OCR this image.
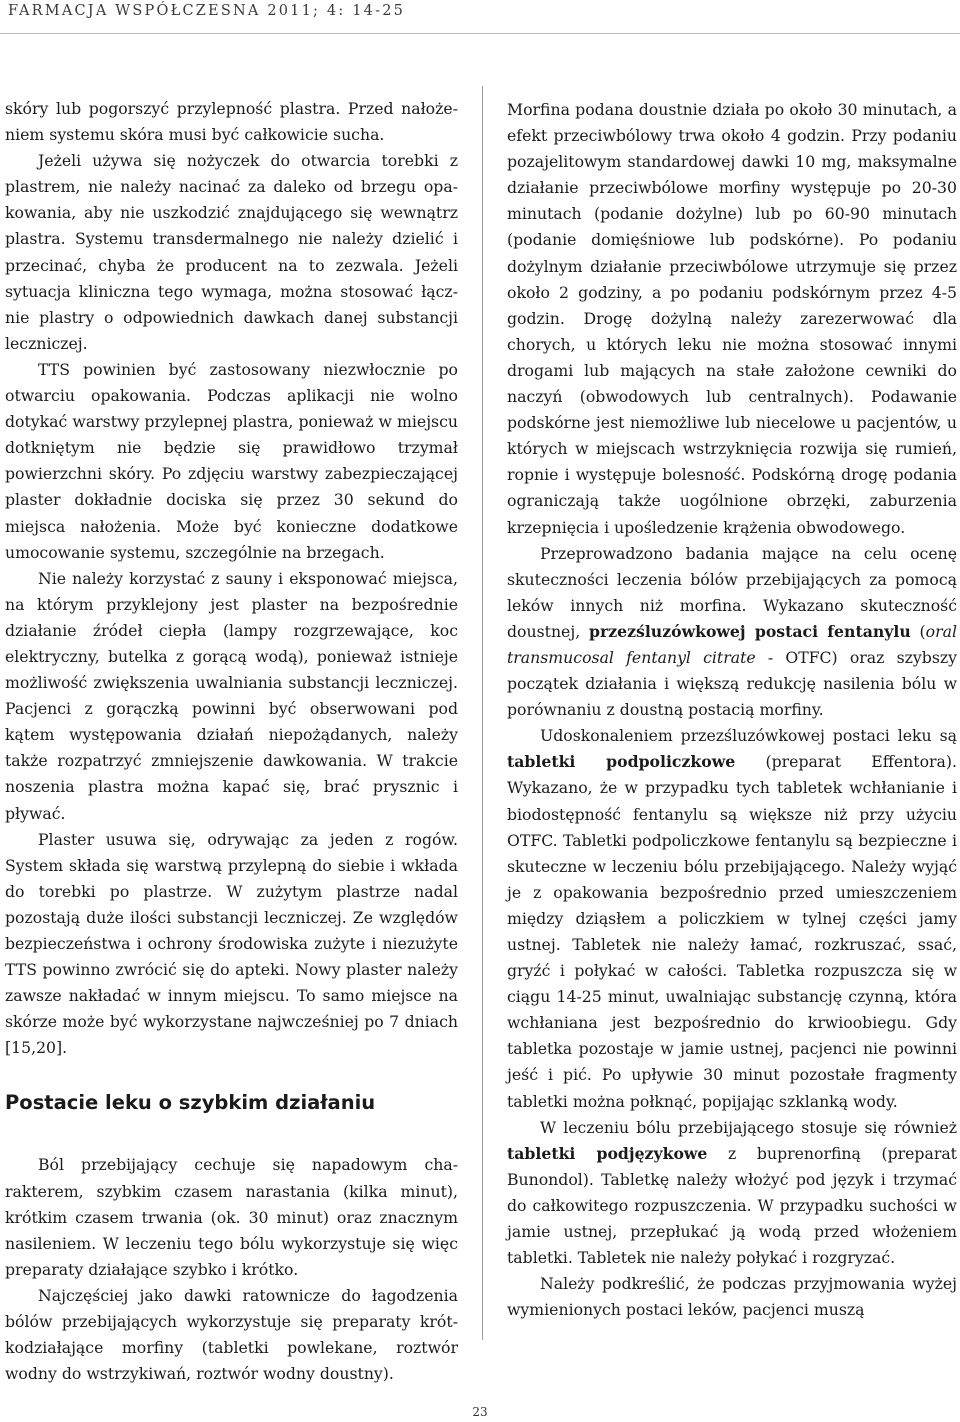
FARMACJA WSPÓŁCZESNA 2011; 4: 14-25

skóry lub pogorszyć przylepność plastra. Przed nałożeniem systemu skóra musi być całkowicie sucha.

Jeżeli używa się nożyczek do otwarcia torebki z plastrem, nie należy nacinać za daleko od brzegu opakowania, aby nie uszkodzić znajdującego się wewnątrz plastra. Systemu transdermalnego nie należy dzielić i przecinać, chyba że producent na to zezwala. Jeżeli sytuacja kliniczna tego wymaga, można stosować łącznie plastry o odpowiednich dawkach danej substancji leczniczej.

TTS powinien być zastosowany niezwłocznie po otwarciu opakowania. Podczas aplikacji nie wolno dotykać warstwy przylepnej plastra, ponieważ w miejscu dotkniętym nie będzie się prawidłowo trzymał powierzchni skóry. Po zdjęciu warstwy zabezpieczającej plaster dokładnie dociska się przez 30 sekund do miejsca nałożenia. Może być konieczne dodatkowe umocowanie systemu, szczególnie na brzegach.

Nie należy korzystać z sauny i eksponować miejsca, na którym przyklejony jest plaster na bezpośrednie działanie źródeł ciepła (lampy rozgrzewające, koc elektryczny, butelka z gorącą wodą), ponieważ istnieje możliwość zwiększenia uwalniania substancji leczniczej. Pacjenci z gorączką powinni być obserwowani pod kątem występowania działań niepożądanych, należy także rozpatrzyć zmniejszenie dawkowania. W trakcie noszenia plastra można kapać się, brać prysznic i pływać.

Plaster usuwa się, odrywając za jeden z rogów. System składa się warstwą przylepną do siebie i wkłada do torebki po plastrze. W zużytym plastrze nadal pozostają duże ilości substancji leczniczej. Ze względów bezpieczeństwa i ochrony środowiska zużyte i niezużyte TTS powinno zwrócić się do apteki. Nowy plaster należy zawsze nakładać w innym miejscu. To samo miejsce na skórze może być wykorzystane najwcześniej po 7 dniach [15,20].

Postacie leku o szybkim działaniu

Ból przebijający cechuje się napadowym charakterem, szybkim czasem narastania (kilka minut), krótkim czasem trwania (ok. 30 minut) oraz znacznym nasileniem. W leczeniu tego bólu wykorzystuje się więc preparaty działające szybko i krótko.

Najczęściej jako dawki ratownicze do łagodzenia bólów przebijających wykorzystuje się preparaty krótkodziałające morfiny (tabletki powlekane, roztwór wodny do wstrzykiwań, roztwór wodny doustny).

Morfina podana doustnie działa po około 30 minutach, a efekt przeciwbólowy trwa około 4 godzin. Przy podaniu pozajelitowym standardowej dawki 10 mg, maksymalne działanie przeciwbólowe morfiny występuje po 20-30 minutach (podanie dożylne) lub po 60-90 minutach (podanie domięśniowe lub podskórne). Po podaniu dożylnym działanie przeciwbólowe utrzymuje się przez około 2 godziny, a po podaniu podskórnym przez 4-5 godzin. Drogę dożylną należy zarezerwować dla chorych, u których leku nie można stosować innymi drogami lub mających na stałe założone cewniki do naczyń (obwodowych lub centralnych). Podawanie podskórne jest niemożliwe lub niecelowe u pacjentów, u których w miejscach wstrzyknięcia rozwija się rumień, ropnie i występuje bolesność. Podskórną drogę podania ograniczają także uogólnione obrzęki, zaburzenia krzepnięcia i upośledzenie krążenia obwodowego.

Przeprowadzono badania mające na celu ocenę skuteczności leczenia bólów przebijających za pomocą leków innych niż morfina. Wykazano skuteczność doustnej, przezśluzówkowej postaci fentanylu (oral transmucosal fentanyl citrate - OTFC) oraz szybszy początek działania i większą redukcję nasilenia bólu w porównaniu z doustną postacią morfiny.

Udoskonaleniem przezśluzówkowej postaci leku są tabletki podpoliczkowe (preparat Effentora). Wykazano, że w przypadku tych tabletek wchłanianie i biodostępność fentanylu są większe niż przy użyciu OTFC. Tabletki podpoliczkowe fentanylu są bezpieczne i skuteczne w leczeniu bólu przebijającego. Należy wyjąć je z opakowania bezpośrednio przed umieszczeniem między dziąsłem a policzkiem w tylnej części jamy ustnej. Tabletek nie należy łamać, rozkruszać, ssać, gryźć i połykać w całości. Tabletka rozpuszcza się w ciągu 14-25 minut, uwalniając substancję czynną, która wchłaniana jest bezpośrednio do krwioobiegu. Gdy tabletka pozostaje w jamie ustnej, pacjenci nie powinni jeść i pić. Po upływie 30 minut pozostałe fragmenty tabletki można połknąć, popijając szklanką wody.

W leczeniu bólu przebijającego stosuje się również tabletki podjęzykowe z buprenorfiną (preparat Bunondol). Tabletkę należy włożyć pod język i trzymać do całkowitego rozpuszczenia. W przypadku suchości w jamie ustnej, przepłukać ją wodą przed włożeniem tabletki. Tabletek nie należy połykać i rozgryzać.

Należy podkreślić, że podczas przyjmowania wyżej wymienionych postaci leków, pacjenci muszą

23
